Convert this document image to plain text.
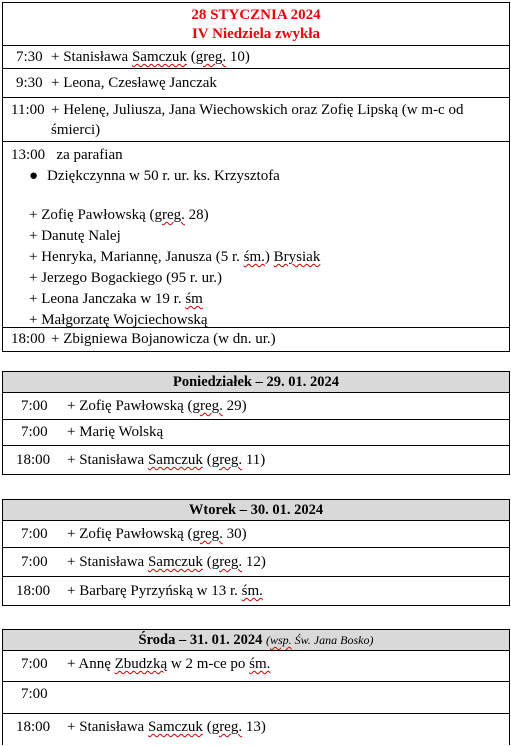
28 STYCZNIA 2024
IV Niedziela zwykła
7:30 + Stanisława Samczuk (greg. 10)
9:30 + Leona, Czesławę Janczak
11:00 + Helenę, Juliusza, Jana Wiechowskich oraz Zofię Lipską (w m-c od śmierci)
13:00 za parafian
● Dziękczynna w 50 r. ur. ks. Krzysztofa
+ Zofię Pawłowską (greg. 28)
+ Danutę Nalej
+ Henryka, Mariannę, Janusza (5 r. śm.) Brysiak
+ Jerzego Bogackiego (95 r. ur.)
+ Leona Janczaka w 19 r. śm
+ Małgorzatę Wojciechowską
18:00 + Zbigniewa Bojanowicza (w dn. ur.)
Poniedziałek – 29. 01. 2024
7:00	+ Zofię Pawłowską (greg. 29)
7:00	+ Marię Wolską
18:00	+ Stanisława Samczuk (greg. 11)
Wtorek – 30. 01. 2024
7:00	+ Zofię Pawłowską (greg. 30)
7:00	+ Stanisława Samczuk (greg. 12)
18:00	+ Barbarę Pyrzyńską w 13 r. śm.
Środa – 31. 01. 2024 (wsp. Św. Jana Bosko)
7:00	+ Annę Zbudzką w 2 m-ce po śm.
7:00
18:00	+ Stanisława Samczuk (greg. 13)
